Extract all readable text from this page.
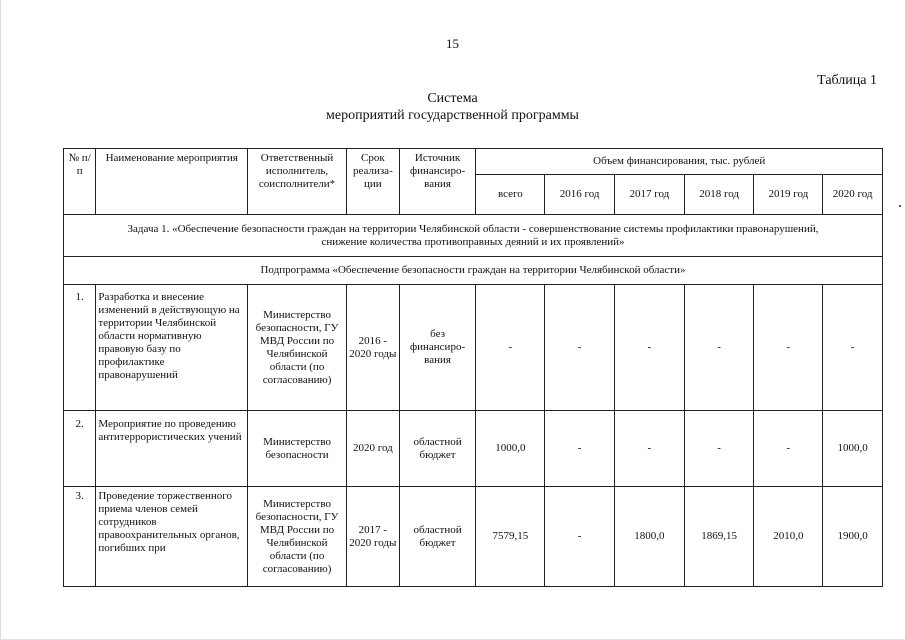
15
Таблица 1
Система
мероприятий государственной программы
№ п/п	Наименование мероприятия	Ответственный исполнитель, соисполнители*	Срок реализа-ции	Источник финансиро-вания	Объем финансирования, тыс. рублей					
					всего	2016 год	2017 год	2018 год	2019 год	2020 год
Задача 1. «Обеспечение безопасности граждан на территории Челябинской области - совершенствование системы профилактики правонарушений, снижение количества противоправных деяний и их проявлений»										
Подпрограмма «Обеспечение безопасности граждан на территории Челябинской области»										
1.	Разработка и внесение изменений в действующую на территории Челябинской области нормативную правовую базу по профилактике правонарушений	Министерство безопасности, ГУ МВД России по Челябинской области (по согласованию)	2016 - 2020 годы	без финансиро-вания	-	-	-	-	-	-
2.	Мероприятие по проведению антитеррористических учений	Министерство безопасности	2020 год	областной бюджет	1000,0	-	-	-	-	1000,0
3.	Проведение торжественного приема членов семей сотрудников правоохранительных органов, погибших при	Министерство безопасности, ГУ МВД России по Челябинской области (по согласованию)	2017 - 2020 годы	областной бюджет	7579,15	-	1800,0	1869,15	2010,0	1900,0
